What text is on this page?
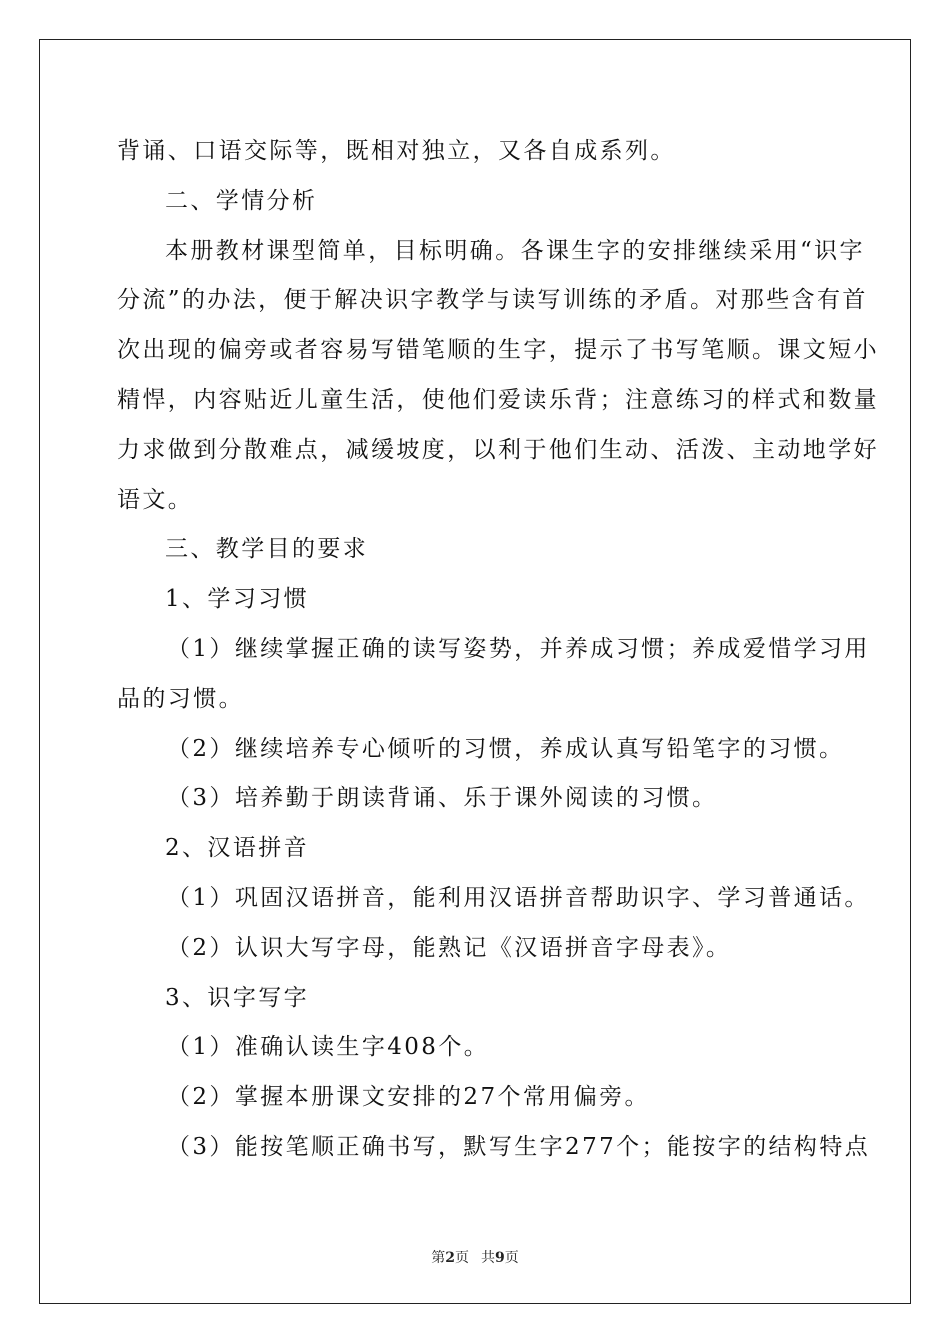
背诵、口语交际等，既相对独立，又各自成系列。
二、学情分析
本册教材课型简单，目标明确。各课生字的安排继续采用“识字
分流”的办法，便于解决识字教学与读写训练的矛盾。对那些含有首
次出现的偏旁或者容易写错笔顺的生字，提示了书写笔顺。课文短小
精悍，内容贴近儿童生活，使他们爱读乐背；注意练习的样式和数量
力求做到分散难点，减缓坡度，以利于他们生动、活泼、主动地学好
语文。
三、教学目的要求
1、学习习惯
（1）继续掌握正确的读写姿势，并养成习惯；养成爱惜学习用
品的习惯。
（2）继续培养专心倾听的习惯，养成认真写铅笔字的习惯。
（3）培养勤于朗读背诵、乐于课外阅读的习惯。
2、汉语拼音
（1）巩固汉语拼音，能利用汉语拼音帮助识字、学习普通话。
（2）认识大写字母，能熟记《汉语拼音字母表》。
3、识字写字
（1）准确认读生字408个。
（2）掌握本册课文安排的27个常用偏旁。
（3）能按笔顺正确书写，默写生字277个；能按字的结构特点
第2页 共9页
